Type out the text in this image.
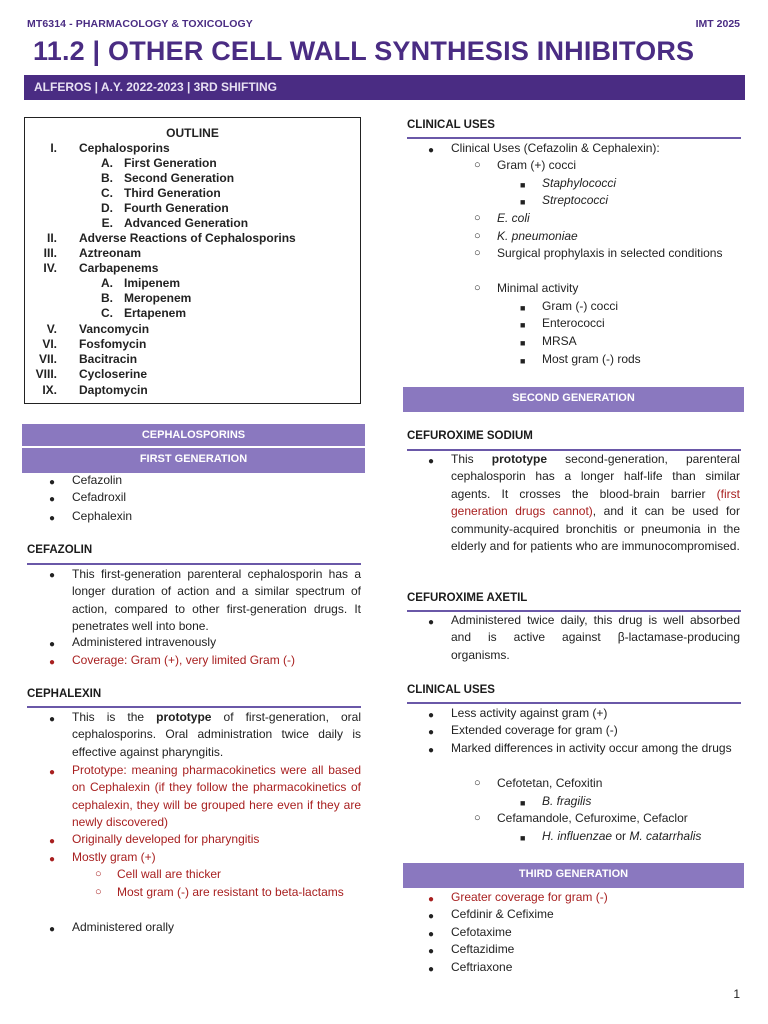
MT6314 - PHARMACOLOGY & TOXICOLOGY	IMT 2025
11.2 | OTHER CELL WALL SYNTHESIS INHIBITORS
ALFEROS | A.Y. 2022-2023 | 3RD SHIFTING
OUTLINE
I. Cephalosporins
A. First Generation
B. Second Generation
C. Third Generation
D. Fourth Generation
E. Advanced Generation
II. Adverse Reactions of Cephalosporins
III. Aztreonam
IV. Carbapenems
A. Imipenem
B. Meropenem
C. Ertapenem
V. Vancomycin
VI. Fosfomycin
VII. Bacitracin
VIII. Cycloserine
IX. Daptomycin
CEPHALOSPORINS
FIRST GENERATION
● Cefazolin
● Cefadroxil
● Cephalexin
CEFAZOLIN
● This first-generation parenteral cephalosporin has a longer duration of action and a similar spectrum of action, compared to other first-generation drugs. It penetrates well into bone.
● Administered intravenously
● Coverage: Gram (+), very limited Gram (-)
CEPHALEXIN
● This is the prototype of first-generation, oral cephalosporins. Oral administration twice daily is effective against pharyngitis.
● Prototype: meaning pharmacokinetics were all based on Cephalexin (if they follow the pharmacokinetics of cephalexin, they will be grouped here even if they are newly discovered)
● Originally developed for pharyngitis
● Mostly gram (+)
○ Cell wall are thicker
○ Most gram (-) are resistant to beta-lactams
● Administered orally
CLINICAL USES
● Clinical Uses (Cefazolin & Cephalexin):
○ Gram (+) cocci
■ Staphylococci
■ Streptococci
○ E. coli
○ K. pneumoniae
○ Surgical prophylaxis in selected conditions
○ Minimal activity
■ Gram (-) cocci
■ Enterococci
■ MRSA
■ Most gram (-) rods
SECOND GENERATION
CEFUROXIME SODIUM
● This prototype second-generation, parenteral cephalosporin has a longer half-life than similar agents. It crosses the blood-brain barrier (first generation drugs cannot), and it can be used for community-acquired bronchitis or pneumonia in the elderly and for patients who are immunocompromised.
CEFUROXIME AXETIL
● Administered twice daily, this drug is well absorbed and is active against β-lactamase-producing organisms.
CLINICAL USES
● Less activity against gram (+)
● Extended coverage for gram (-)
● Marked differences in activity occur among the drugs
○ Cefotetan, Cefoxitin
■ B. fragilis
○ Cefamandole, Cefuroxime, Cefaclor
■ H. influenzae or M. catarrhalis
THIRD GENERATION
● Greater coverage for gram (-)
● Cefdinir & Cefixime
● Cefotaxime
● Ceftazidime
● Ceftriaxone
1
